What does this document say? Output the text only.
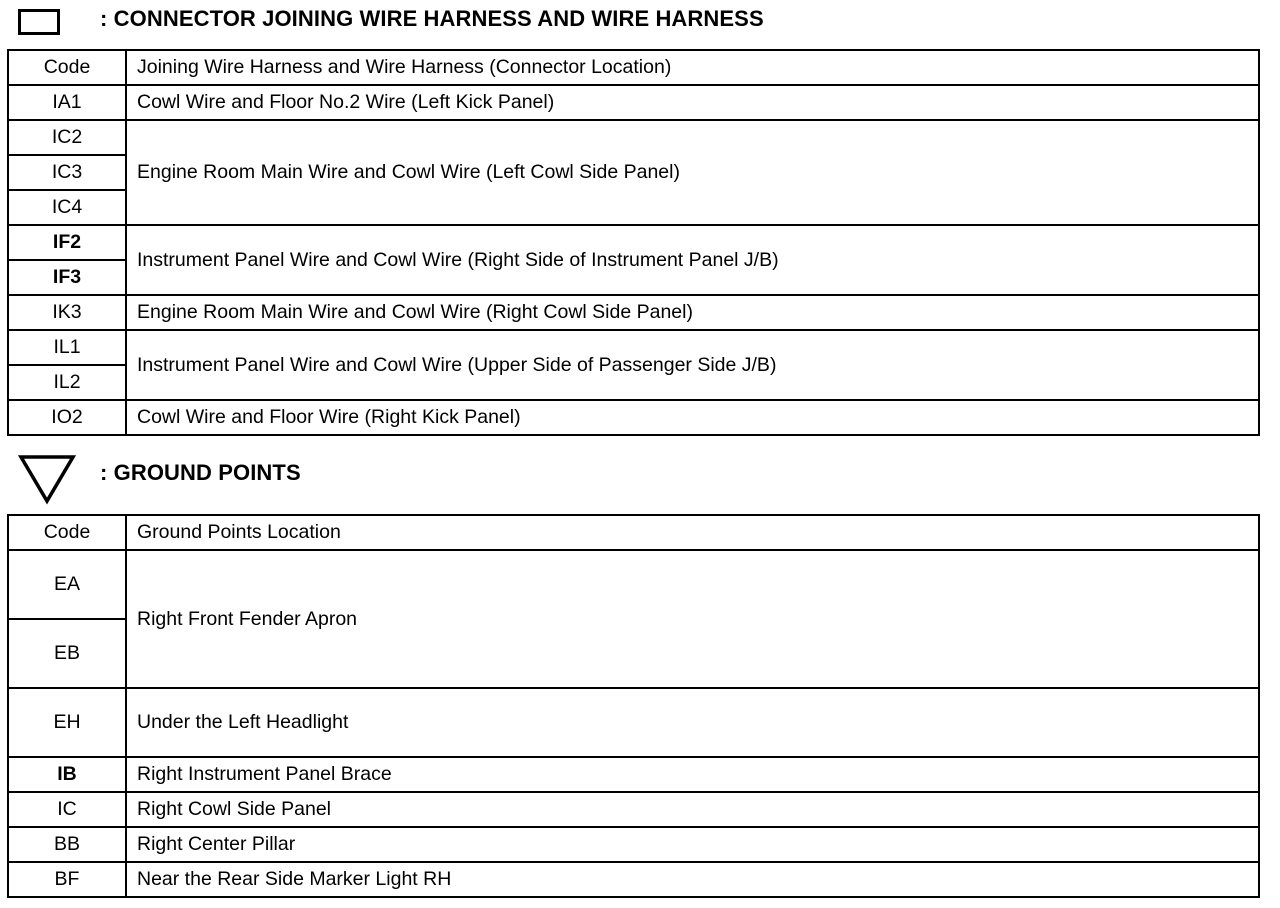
: CONNECTOR JOINING WIRE HARNESS AND WIRE HARNESS
Code	Joining Wire Harness and Wire Harness (Connector Location)
IA1	Cowl Wire and Floor No.2 Wire (Left Kick Panel)
IC2	Engine Room Main Wire and Cowl Wire (Left Cowl Side Panel)
IC3	
IC4	
IF2	Instrument Panel Wire and Cowl Wire (Right Side of Instrument Panel J/B)
IF3	
IK3	Engine Room Main Wire and Cowl Wire (Right Cowl Side Panel)
IL1	Instrument Panel Wire and Cowl Wire (Upper Side of Passenger Side J/B)
IL2	
IO2	Cowl Wire and Floor Wire (Right Kick Panel)
: GROUND POINTS
Code	Ground Points Location
EA	Right Front Fender Apron
EB	
EH	Under the Left Headlight
IB	Right Instrument Panel Brace
IC	Right Cowl Side Panel
BB	Right Center Pillar
BF	Near the Rear Side Marker Light RH
